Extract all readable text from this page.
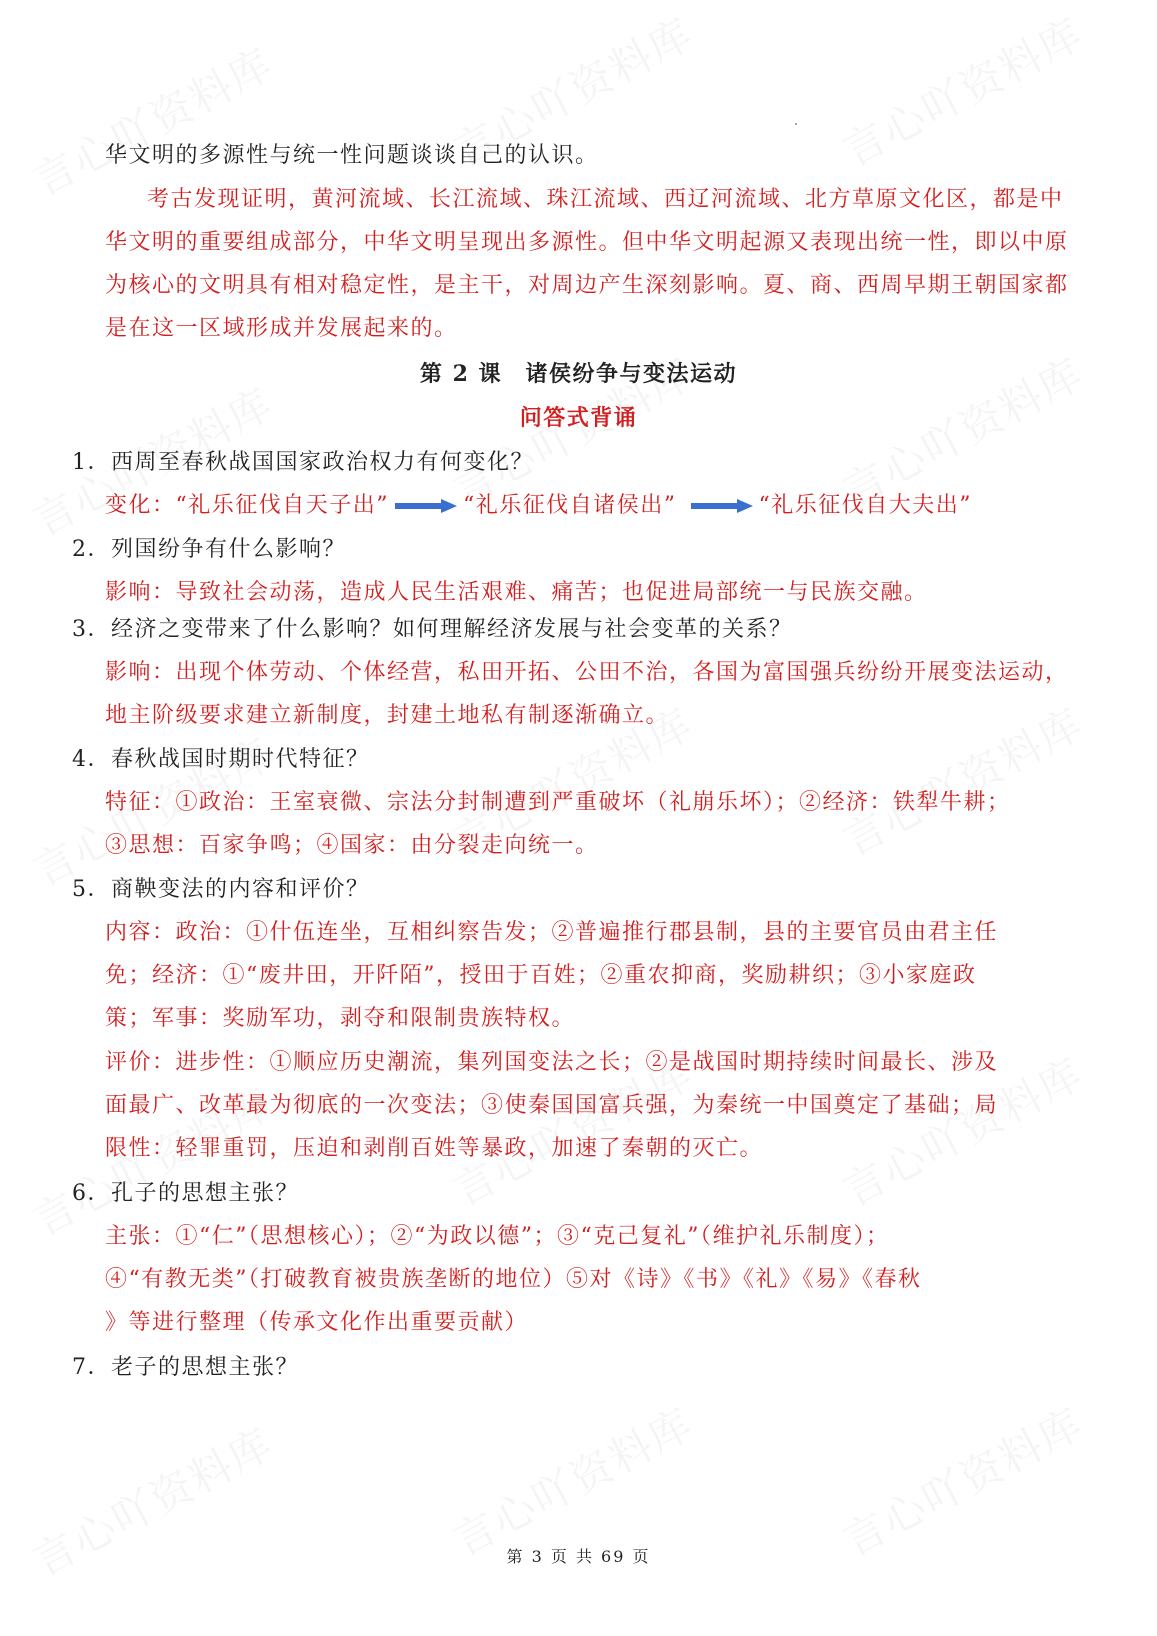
华文明的多源性与统一性问题谈谈自己的认识。
考古发现证明，黄河流域、长江流域、珠江流域、西辽河流域、北方草原文化区，都是中
华文明的重要组成部分，中华文明呈现出多源性。但中华文明起源又表现出统一性，即以中原
为核心的文明具有相对稳定性，是主干，对周边产生深刻影响。夏、商、西周早期王朝国家都
是在这一区域形成并发展起来的。
第 2 课　诸侯纷争与变法运动
问答式背诵
1．西周至春秋战国国家政治权力有何变化？
变化：“礼乐征伐自天子出”	“礼乐征伐自诸侯出”	“礼乐征伐自大夫出”
2．列国纷争有什么影响？
影响：导致社会动荡，造成人民生活艰难、痛苦；也促进局部统一与民族交融。
3．经济之变带来了什么影响？如何理解经济发展与社会变革的关系？
影响：出现个体劳动、个体经营，私田开拓、公田不治，各国为富国强兵纷纷开展变法运动，
地主阶级要求建立新制度，封建土地私有制逐渐确立。
4．春秋战国时期时代特征？
特征：①政治：王室衰微、宗法分封制遭到严重破坏（礼崩乐坏）；②经济：铁犁牛耕；
③思想：百家争鸣；④国家：由分裂走向统一。
5．商鞅变法的内容和评价？
内容：政治：①什伍连坐，互相纠察告发；②普遍推行郡县制，县的主要官员由君主任
免；经济：①“废井田，开阡陌”，授田于百姓；②重农抑商，奖励耕织；③小家庭政
策；军事：奖励军功，剥夺和限制贵族特权。
评价：进步性：①顺应历史潮流，集列国变法之长；②是战国时期持续时间最长、涉及
面最广、改革最为彻底的一次变法；③使秦国国富兵强，为秦统一中国奠定了基础；局
限性：轻罪重罚，压迫和剥削百姓等暴政，加速了秦朝的灭亡。
6．孔子的思想主张？
主张：①“仁”（思想核心）；②“为政以德”；③“克己复礼”（维护礼乐制度）；
④“有教无类”（打破教育被贵族垄断的地位）⑤对《诗》《书》《礼》《易》《春秋
》等进行整理（传承文化作出重要贡献）
7．老子的思想主张？
第 3 页 共 69 页
